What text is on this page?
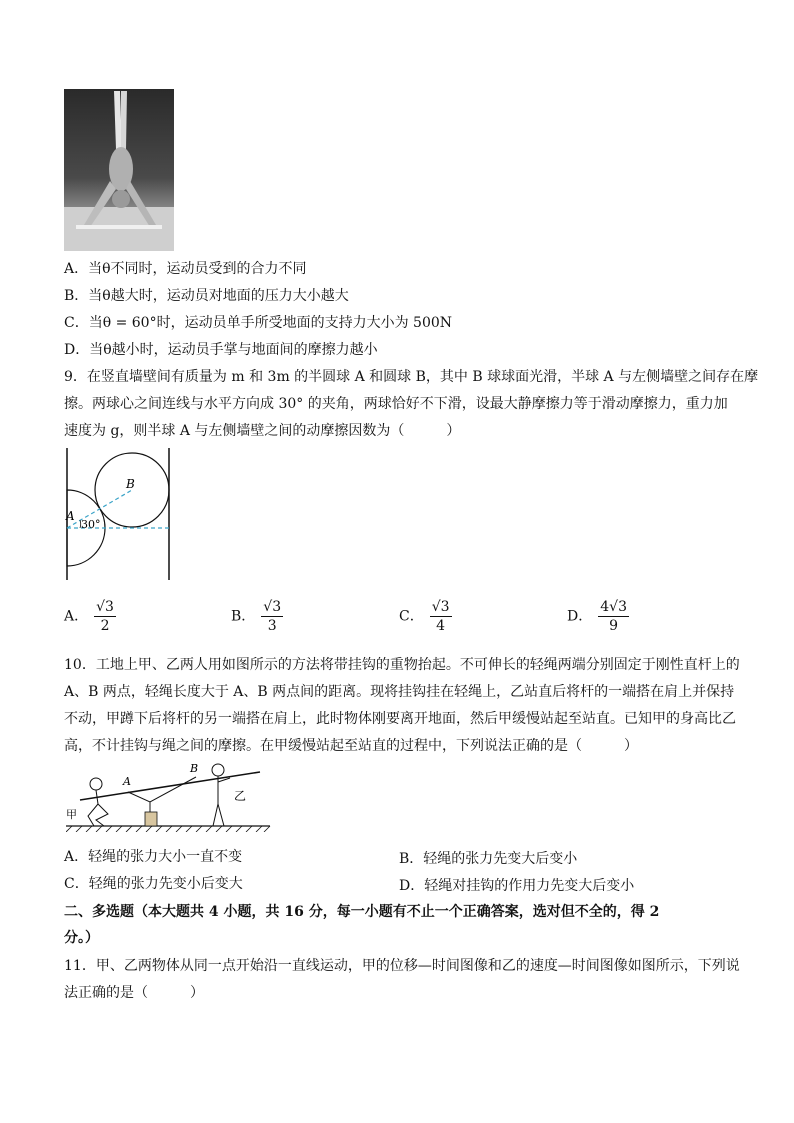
A．当θ不同时，运动员受到的合力不同
B．当θ越大时，运动员对地面的压力大小越大
C．当θ = 60°时，运动员单手所受地面的支持力大小为 500N
D．当θ越小时，运动员手掌与地面间的摩擦力越小
9．在竖直墙壁间有质量为 m 和 3m 的半圆球 A 和圆球 B，其中 B 球球面光滑，半球 A 与左侧墙壁之间存在摩
擦。两球心之间连线与水平方向成 30° 的夹角，两球恰好不下滑，设最大静摩擦力等于滑动摩擦力，重力加
速度为 g，则半球 A 与左侧墙壁之间的动摩擦因数为（　　　）
B
A
30°
A． $\frac{√3}{2}$	B． $\frac{√3}{3}$	C． $\frac{√3}{4}$	D． $\frac{4√3}{9}$
10．工地上甲、乙两人用如图所示的方法将带挂钩的重物抬起。不可伸长的轻绳两端分别固定于刚性直杆上的
A、B 两点，轻绳长度大于 A、B 两点间的距离。现将挂钩挂在轻绳上，乙站直后将杆的一端搭在肩上并保持
不动，甲蹲下后将杆的另一端搭在肩上，此时物体刚要离开地面，然后甲缓慢站起至站直。已知甲的身高比乙
高，不计挂钩与绳之间的摩擦。在甲缓慢站起至站直的过程中，下列说法正确的是（　　　）
甲
乙
A
B
A．轻绳的张力大小一直不变	B．轻绳的张力先变大后变小
C．轻绳的张力先变小后变大	D．轻绳对挂钩的作用力先变大后变小
二、多选题（本大题共 4 小题，共 16 分，每一小题有不止一个正确答案，选对但不全的，得 2
分。）
11．甲、乙两物体从同一点开始沿一直线运动，甲的位移—时间图像和乙的速度—时间图像如图所示，下列说
法正确的是（　　　）
